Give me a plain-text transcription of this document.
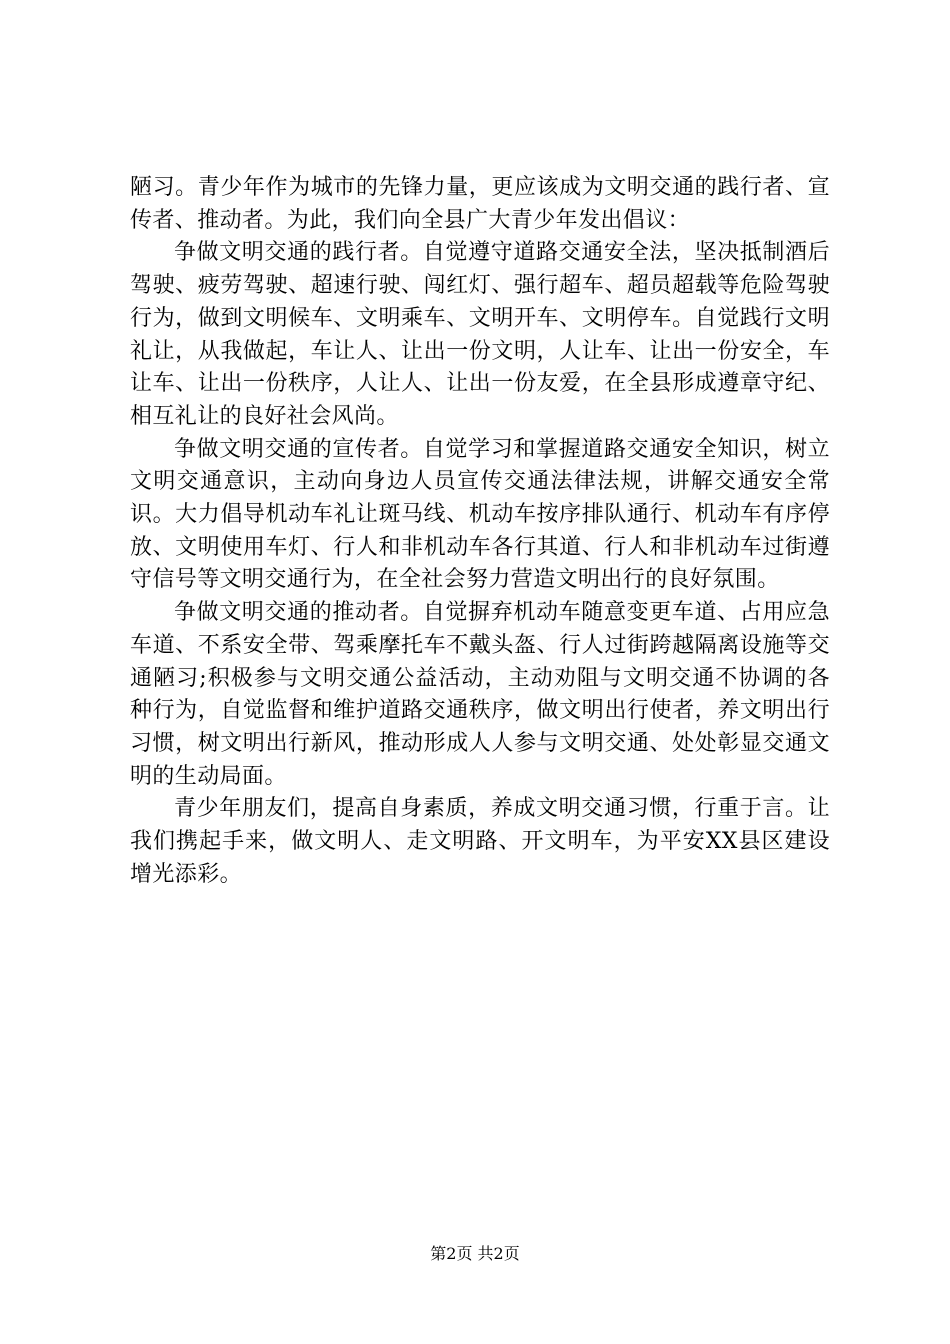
陋习。青少年作为城市的先锋力量，更应该成为文明交通的践行者、宣传者、推动者。为此，我们向全县广大青少年发出倡议：

争做文明交通的践行者。自觉遵守道路交通安全法，坚决抵制酒后驾驶、疲劳驾驶、超速行驶、闯红灯、强行超车、超员超载等危险驾驶行为，做到文明候车、文明乘车、文明开车、文明停车。自觉践行文明礼让，从我做起，车让人、让出一份文明，人让车、让出一份安全，车让车、让出一份秩序，人让人、让出一份友爱，在全县形成遵章守纪、相互礼让的良好社会风尚。

争做文明交通的宣传者。自觉学习和掌握道路交通安全知识，树立文明交通意识，主动向身边人员宣传交通法律法规，讲解交通安全常识。大力倡导机动车礼让斑马线、机动车按序排队通行、机动车有序停放、文明使用车灯、行人和非机动车各行其道、行人和非机动车过街遵守信号等文明交通行为，在全社会努力营造文明出行的良好氛围。

争做文明交通的推动者。自觉摒弃机动车随意变更车道、占用应急车道、不系安全带、驾乘摩托车不戴头盔、行人过街跨越隔离设施等交通陋习;积极参与文明交通公益活动，主动劝阻与文明交通不协调的各种行为，自觉监督和维护道路交通秩序，做文明出行使者，养文明出行习惯，树文明出行新风，推动形成人人参与文明交通、处处彰显交通文明的生动局面。

青少年朋友们，提高自身素质，养成文明交通习惯，行重于言。让我们携起手来，做文明人、走文明路、开文明车，为平安XX县区建设增光添彩。

第2页 共2页
